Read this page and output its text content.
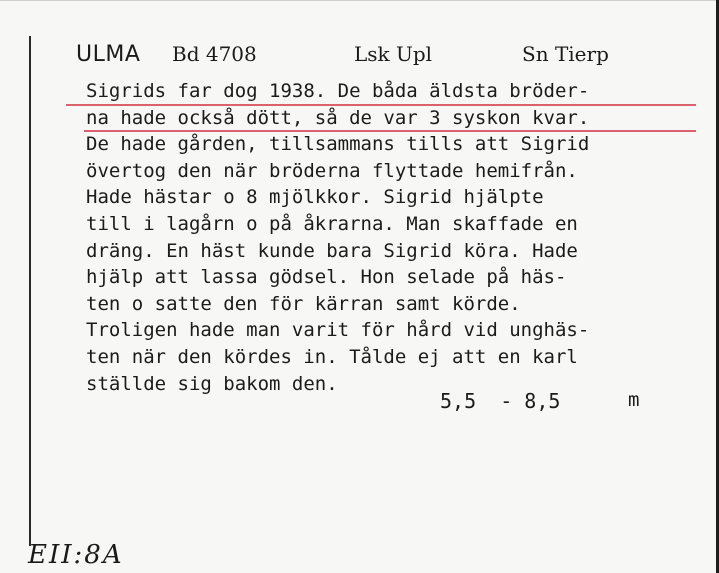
ULMA Bd 4708	Lsk Upl	Sn Tierp
Sigrids far dog 1938. De båda äldsta bröder-
na hade också dött, så de var 3 syskon kvar.
De hade gården, tillsammans tills att Sigrid
övertog den när bröderna flyttade hemifrån.
Hade hästar o 8 mjölkkor. Sigrid hjälpte
till i lagårn o på åkrarna. Man skaffade en
dräng. En häst kunde bara Sigrid köra. Hade
hjälp att lassa gödsel. Hon selade på häs-
ten o satte den för kärran samt körde.
Troligen hade man varit för hård vid unghäs-
ten när den kördes in. Tålde ej att en karl
ställde sig bakom den.
5,5  - 8,5	m
EII:8A
